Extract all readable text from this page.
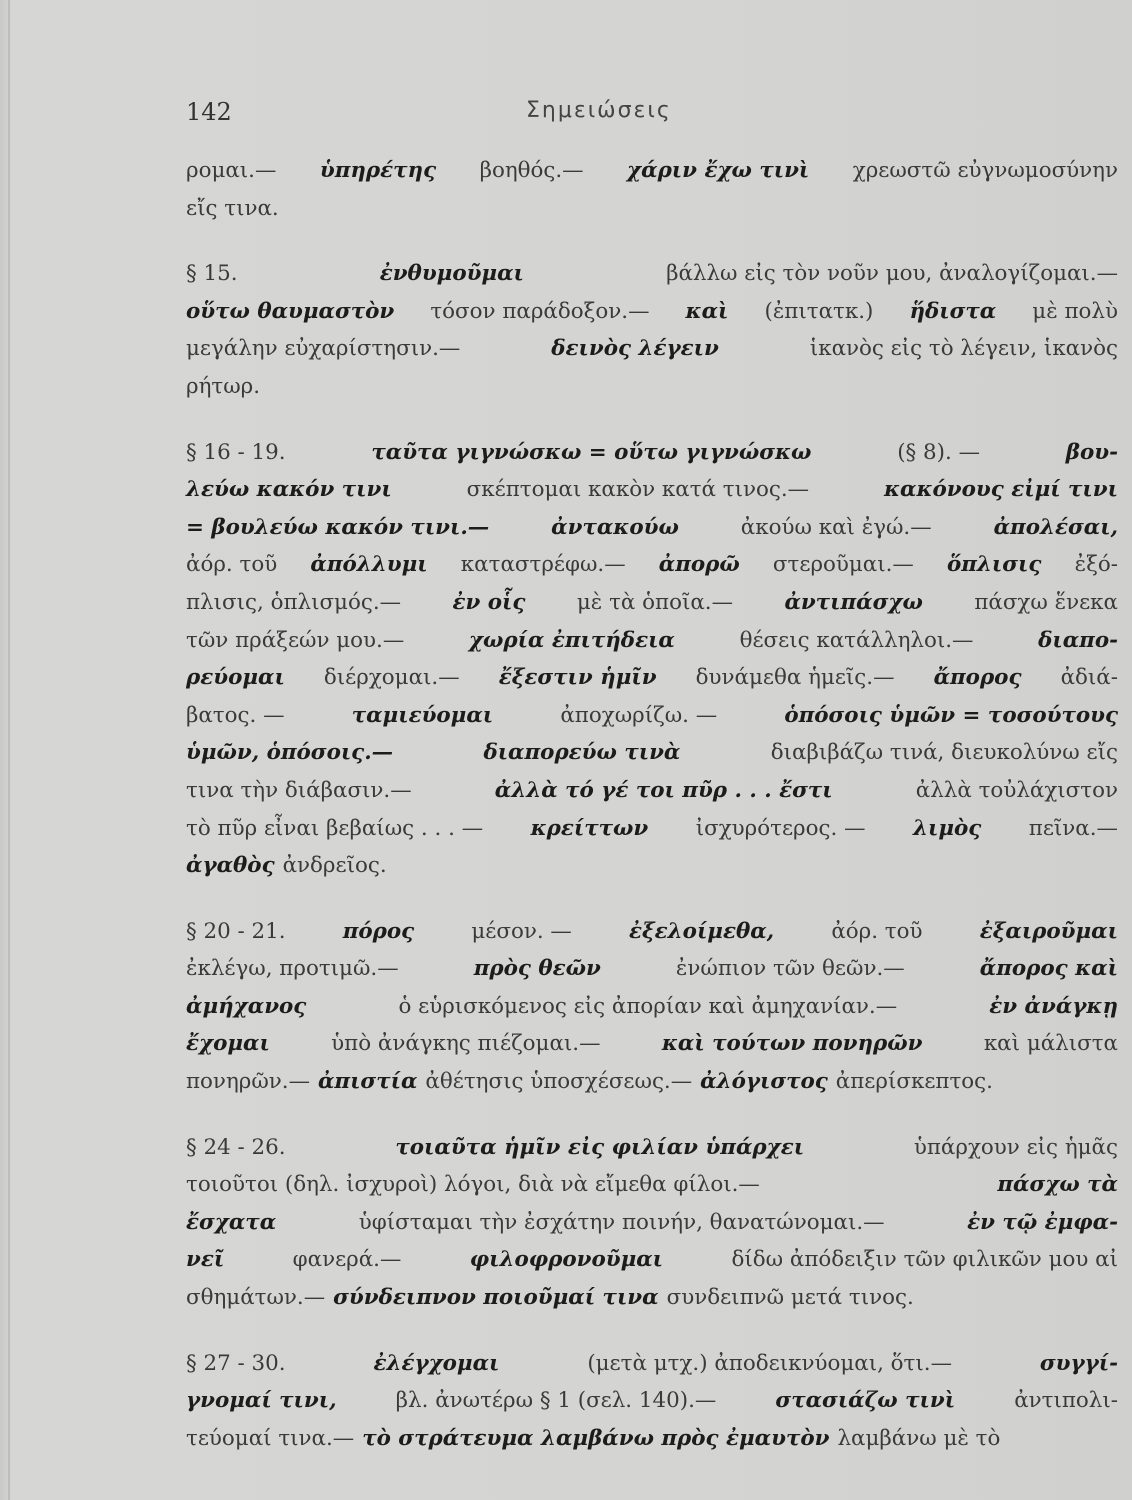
142	Σημειώσεις
ρομαι.— ὑπηρέτης βοηθός.— χάριν ἔχω τινὶ χρεωστῶ εὐγνωμοσύνην
εἴς τινα.
§ 15.	ἐνθυμοῦμαι	βάλλω εἰς τὸν νοῦν μου, ἀναλογίζομαι.—
οὕτω θαυμαστὸν τόσον παράδοξον.— καὶ (ἐπιτατκ.) ἥδιστα μὲ πολὺ
μεγάλην εὐχαρίστησιν.—	δεινὸς λέγειν	ἱκανὸς εἰς τὸ λέγειν, ἱκανὸς
ρήτωρ.
§ 16 - 19.	ταῦτα γιγνώσκω = οὕτω γιγνώσκω	(§ 8). —	βου-
λεύω κακόν τινι	σκέπτομαι κακὸν κατά τινος.—	κακόνους εἰμί τινι
= βουλεύω κακόν τινι.—	ἀντακούω	ἀκούω καὶ ἐγώ.—	ἀπολέσαι,
ἀόρ. τοῦ ἀπόλλυμι καταστρέφω.— ἀπορῶ στεροῦμαι.— ὅπλισις ἐξό-
πλισις, ὁπλισμός.— ἐν οἷς μὲ τὰ ὁποῖα.— ἀντιπάσχω πάσχω ἕνεκα
τῶν πράξεών μου.—	χωρία ἐπιτήδεια	θέσεις κατάλληλοι.—	διαπο-
ρεύομαι διέρχομαι.— ἔξεστιν ἡμῖν δυνάμεθα ἡμεῖς.— ἄπορος ἀδιά-
βατος. —	ταμιεύομαι	ἀποχωρίζω. —	ὁπόσοις ὑμῶν = τοσούτους
ὑμῶν, ὁπόσοις.—	διαπορεύω τινὰ	διαβιβάζω τινά, διευκολύνω εἴς
τινα τὴν διάβασιν.—	ἀλλὰ τό γέ τοι πῦρ . . . ἔστι	ἀλλὰ τοὐλάχιστον
τὸ πῦρ εἶναι βεβαίως . . . — κρείττων ἰσχυρότερος. — λιμὸς πεῖνα.—
ἀγαθὸς ἀνδρεῖος.
§ 20 - 21.	πόρος	μέσον. —	ἐξελοίμεθα,	ἀόρ. τοῦ	ἐξαιροῦμαι
ἐκλέγω, προτιμῶ.—	πρὸς θεῶν	ἐνώπιον τῶν θεῶν.—	ἄπορος καὶ
ἀμήχανος	ὁ εὑρισκόμενος εἰς ἀπορίαν καὶ ἀμηχανίαν.—	ἐν ἀνάγκῃ
ἔχομαι	ὑπὸ ἀνάγκης πιέζομαι.—	καὶ τούτων πονηρῶν	καὶ μάλιστα
πονηρῶν.— ἀπιστία ἀθέτησις ὑποσχέσεως.— ἀλόγιστος ἀπερίσκεπτος.
§ 24 - 26.	τοιαῦτα ἡμῖν εἰς φιλίαν ὑπάρχει	ὑπάρχουν εἰς ἡμᾶς
τοιοῦτοι (δηλ. ἰσχυροὶ) λόγοι, διὰ νὰ εἴμεθα φίλοι.—	πάσχω τὰ
ἔσχατα	ὑφίσταμαι τὴν ἐσχάτην ποινήν, θανατώνομαι.—	ἐν τῷ ἐμφα-
νεῖ	φανερά.—	φιλοφρονοῦμαι	δίδω ἀπόδειξιν τῶν φιλικῶν μου αἰ
σθημάτων.— σύνδειπνον ποιοῦμαί τινα συνδειπνῶ μετά τινος.
§ 27 - 30.	ἐλέγχομαι	(μετὰ μτχ.) ἀποδεικνύομαι, ὅτι.—	συγγί-
γνομαί τινι,	βλ. ἀνωτέρω § 1 (σελ. 140).—	στασιάζω τινὶ	ἀντιπολι-
τεύομαί τινα.— τὸ στράτευμα λαμβάνω πρὸς ἐμαυτὸν λαμβάνω μὲ τὸ
